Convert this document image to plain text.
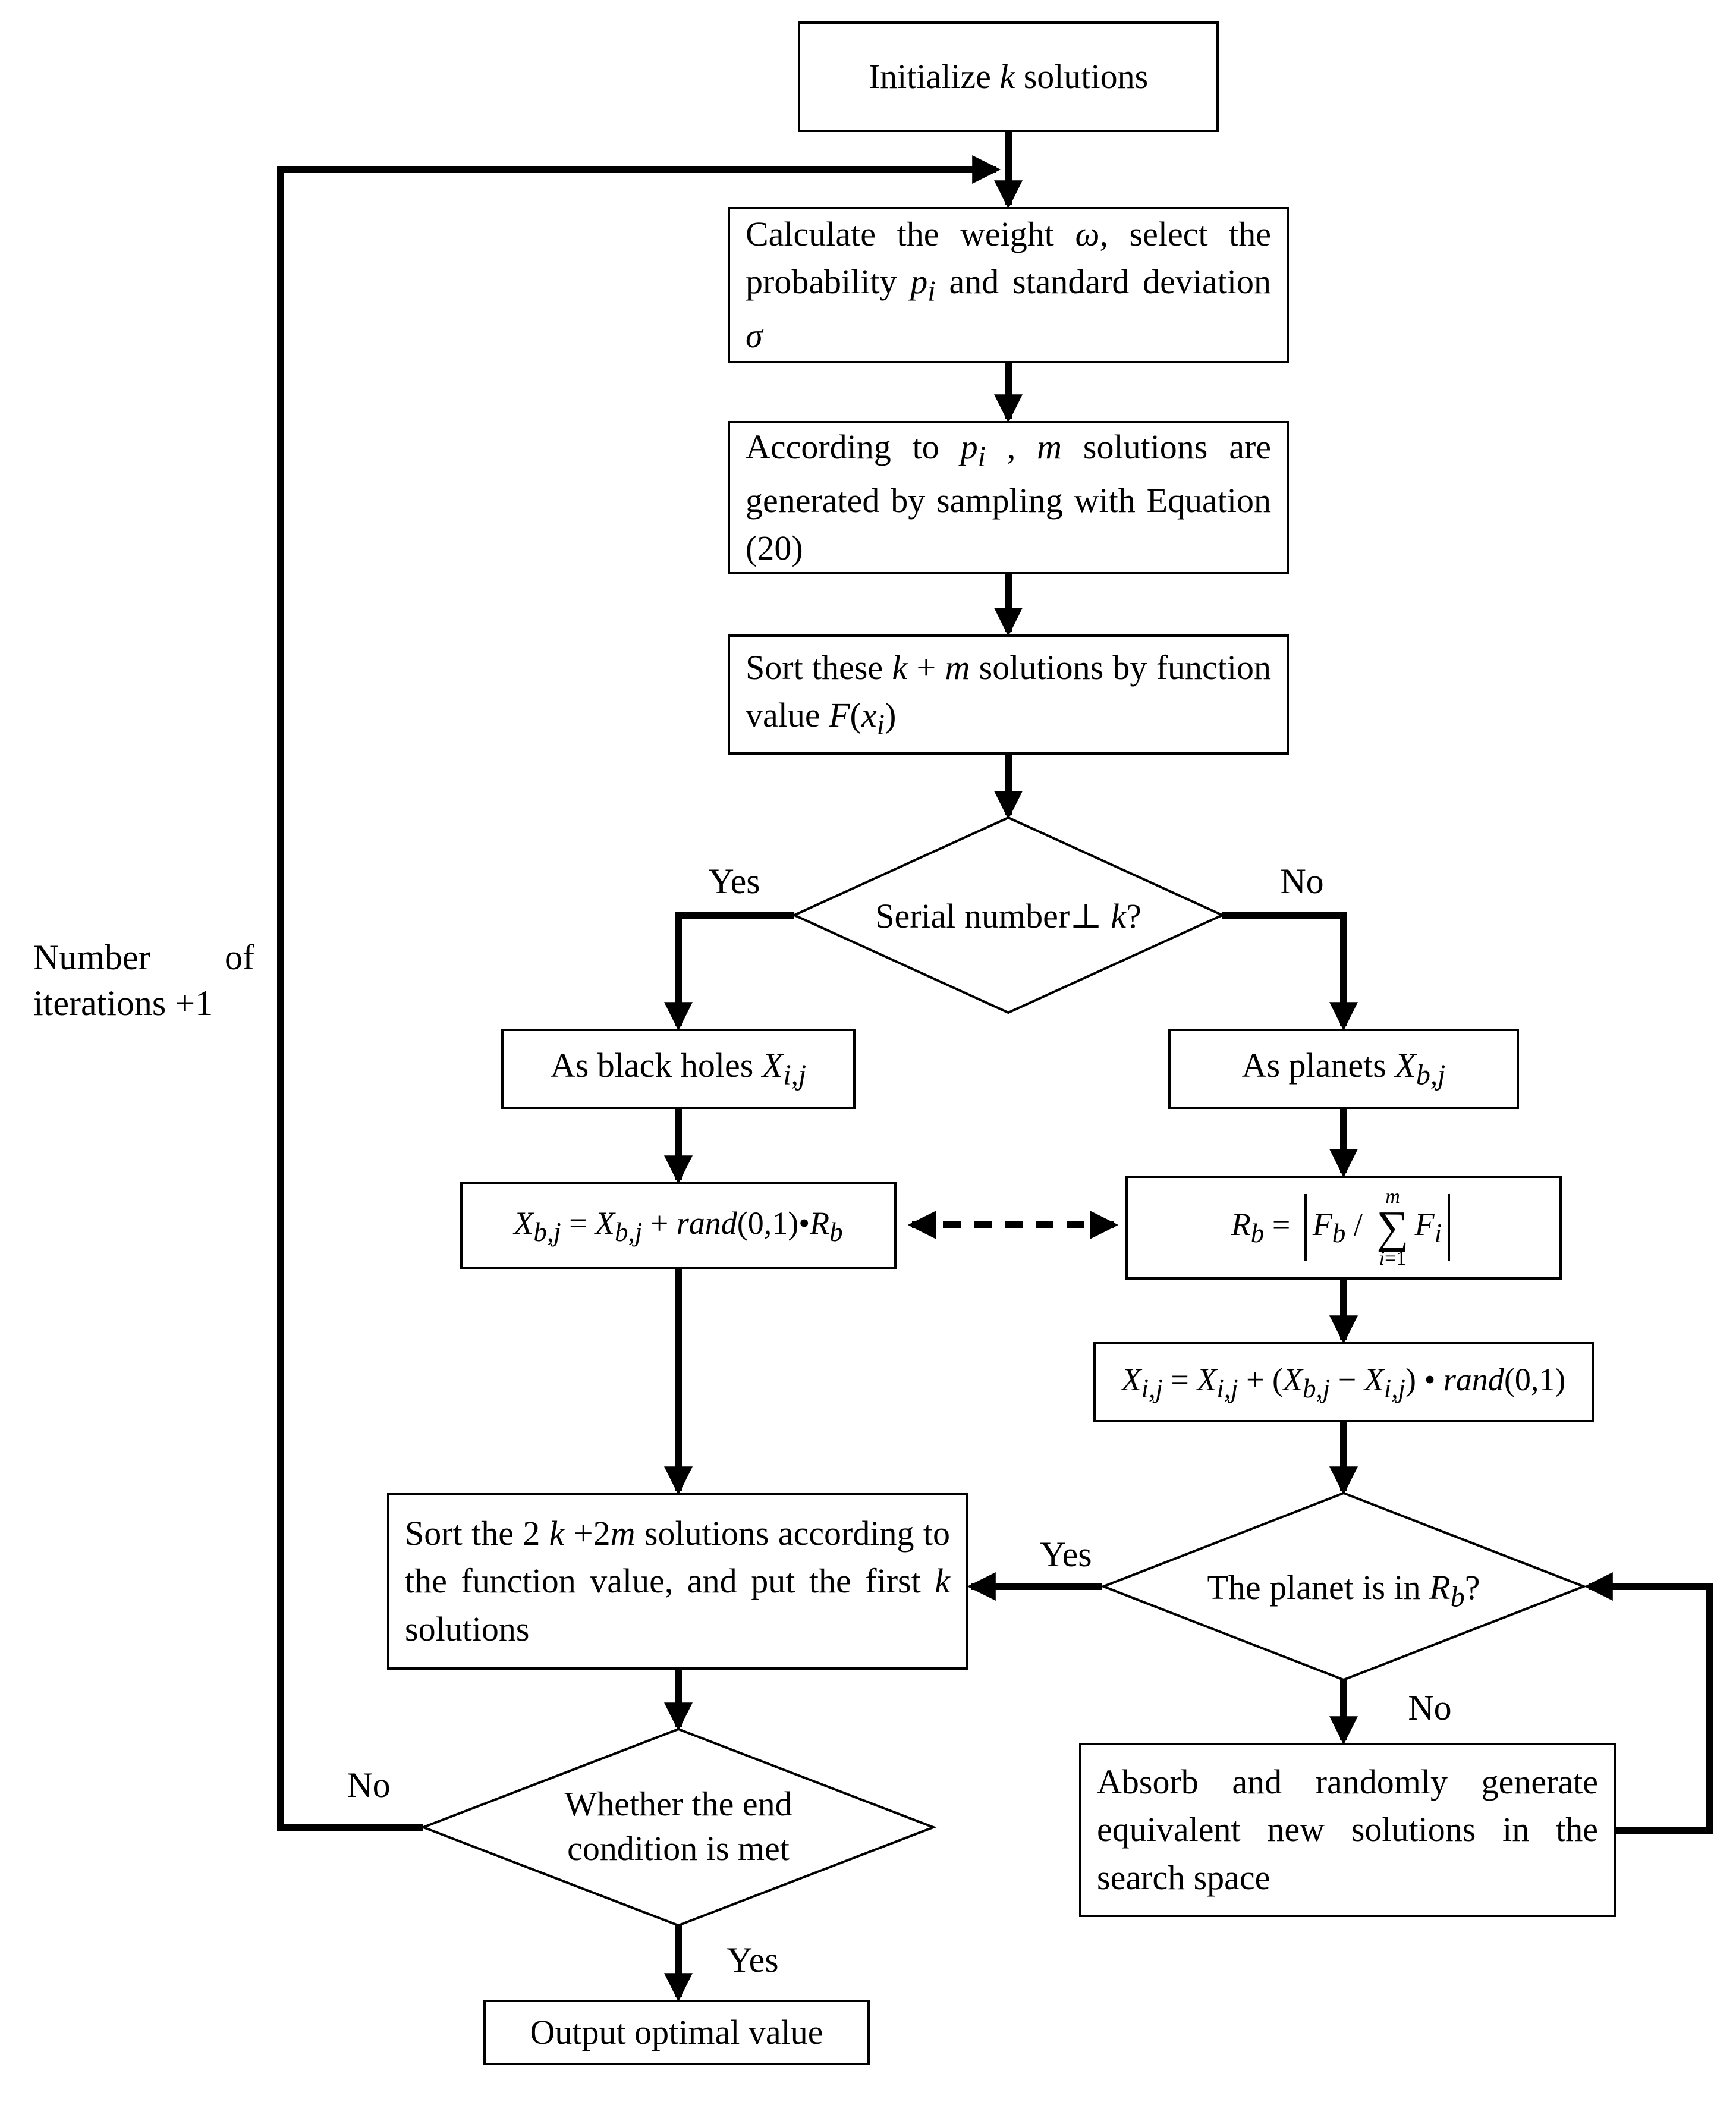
Initialize k solutions
Calculate the weight ω, select the probability $p_i$ and standard deviation σ
According to $p_i$ , m solutions are generated by sampling with Equation (20)
Sort these k + m solutions by function value $F(x_i)$
As black holes $X_{i,j}$	As planets $X_{b,j}$
$X_{b,j} = X_{b,j}$ + $rand(0,1)•R_b$	$R_b = F_b$ /
m
∑
i=1
$F_i$
$X_{i,j} = X_{i,j} + (X_{b,j} - X_{i,j})$ • rand(0,1)
Sort the 2 k +2m solutions according to the function value, and put the first k solutions
Absorb and randomly generate equivalent new solutions in the search space
Output optimal value
Serial number⊥ k?
The planet is in $R_b$?
Whether the end condition is met
Yes	No
Yes
No
No
Yes
Number of
iterations +1
